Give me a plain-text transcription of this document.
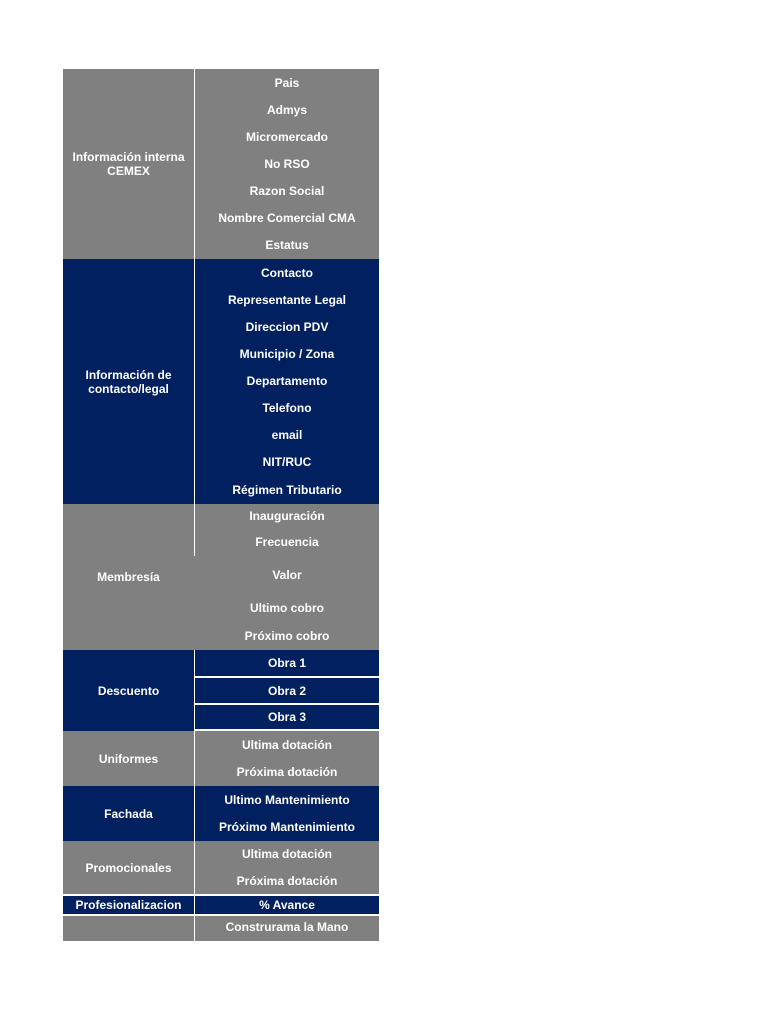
Información interna CEMEX
Pais
Admys
Micromercado
No RSO
Razon Social
Nombre Comercial CMA
Estatus
Información de contacto/legal
Contacto
Representante Legal
Direccion PDV
Municipio / Zona
Departamento
Telefono
email
NIT/RUC
Régimen Tributario
Membresía
Inauguración
Frecuencia
Valor
Ultimo cobro
Próximo cobro
Descuento
Obra 1
Obra 2
Obra 3
Uniformes
Ultima dotación
Próxima dotación
Fachada
Ultimo Mantenimiento
Próximo Mantenimiento
Promocionales
Ultima dotación
Próxima dotación
Profesionalizacion	% Avance
Construrama la Mano
